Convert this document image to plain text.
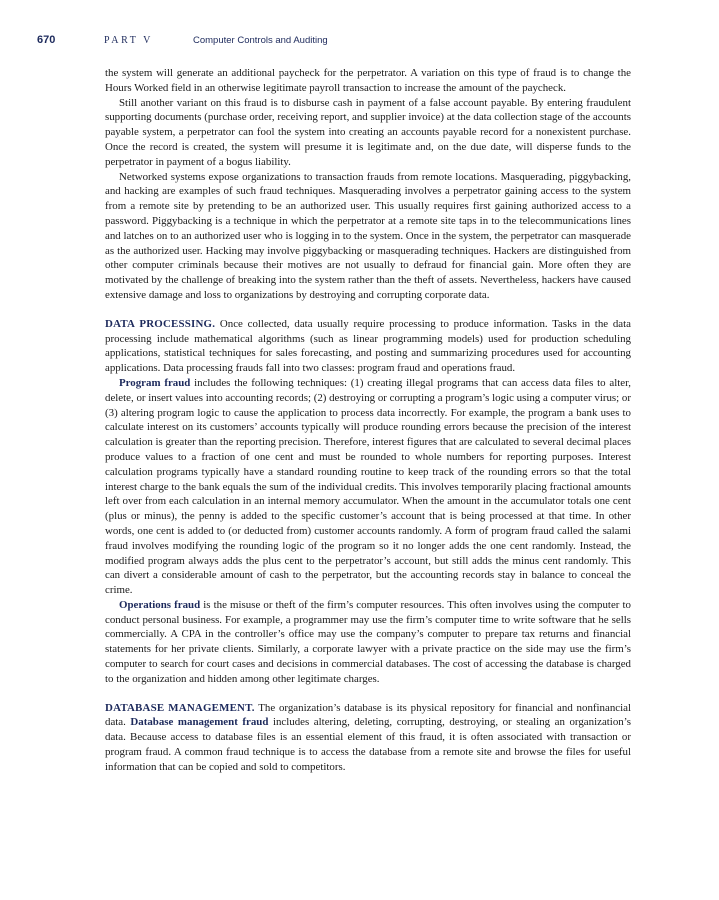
670	PART V	Computer Controls and Auditing

the system will generate an additional paycheck for the perpetrator. A variation on this type of fraud is to change the Hours Worked field in an otherwise legitimate payroll transaction to increase the amount of the paycheck.

Still another variant on this fraud is to disburse cash in payment of a false account payable. By entering fraudulent supporting documents (purchase order, receiving report, and supplier invoice) at the data collection stage of the accounts payable system, a perpetrator can fool the system into creating an accounts payable record for a nonexistent purchase. Once the record is created, the system will presume it is legitimate and, on the due date, will disperse funds to the perpetrator in payment of a bogus liability.

Networked systems expose organizations to transaction frauds from remote locations. Masquerading, piggybacking, and hacking are examples of such fraud techniques. Masquerading involves a perpetrator gaining access to the system from a remote site by pretending to be an authorized user. This usually requires first gaining authorized access to a password. Piggybacking is a technique in which the perpetrator at a remote site taps in to the telecommunications lines and latches on to an authorized user who is logging in to the system. Once in the system, the perpetrator can masquerade as the authorized user. Hacking may involve piggybacking or masquerading techniques. Hackers are distinguished from other computer criminals because their motives are not usually to defraud for financial gain. More often they are motivated by the challenge of breaking into the system rather than the theft of assets. Nevertheless, hackers have caused extensive damage and loss to organizations by destroying and corrupting corporate data.

DATA PROCESSING. Once collected, data usually require processing to produce information. Tasks in the data processing include mathematical algorithms (such as linear programming models) used for production scheduling applications, statistical techniques for sales forecasting, and posting and summarizing procedures used for accounting applications. Data processing frauds fall into two classes: program fraud and operations fraud.

Program fraud includes the following techniques: (1) creating illegal programs that can access data files to alter, delete, or insert values into accounting records; (2) destroying or corrupting a program’s logic using a computer virus; or (3) altering program logic to cause the application to process data incorrectly. For example, the program a bank uses to calculate interest on its customers’ accounts typically will produce rounding errors because the precision of the interest calculation is greater than the reporting precision. Therefore, interest figures that are calculated to several decimal places produce values to a fraction of one cent and must be rounded to whole numbers for reporting purposes. Interest calculation programs typically have a standard rounding routine to keep track of the rounding errors so that the total interest charge to the bank equals the sum of the individual credits. This involves temporarily placing fractional amounts left over from each calculation in an internal memory accumulator. When the amount in the accumulator totals one cent (plus or minus), the penny is added to the specific customer’s account that is being processed at that time. In other words, one cent is added to (or deducted from) customer accounts randomly. A form of program fraud called the salami fraud involves modifying the rounding logic of the program so it no longer adds the one cent randomly. Instead, the modified program always adds the plus cent to the perpetrator’s account, but still adds the minus cent randomly. This can divert a considerable amount of cash to the perpetrator, but the accounting records stay in balance to conceal the crime.

Operations fraud is the misuse or theft of the firm’s computer resources. This often involves using the computer to conduct personal business. For example, a programmer may use the firm’s computer time to write software that he sells commercially. A CPA in the controller’s office may use the company’s computer to prepare tax returns and financial statements for her private clients. Similarly, a corporate lawyer with a private practice on the side may use the firm’s computer to search for court cases and decisions in commercial databases. The cost of accessing the database is charged to the organization and hidden among other legitimate charges.

DATABASE MANAGEMENT. The organization’s database is its physical repository for financial and nonfinancial data. Database management fraud includes altering, deleting, corrupting, destroying, or stealing an organization’s data. Because access to database files is an essential element of this fraud, it is often associated with transaction or program fraud. A common fraud technique is to access the database from a remote site and browse the files for useful information that can be copied and sold to competitors.
